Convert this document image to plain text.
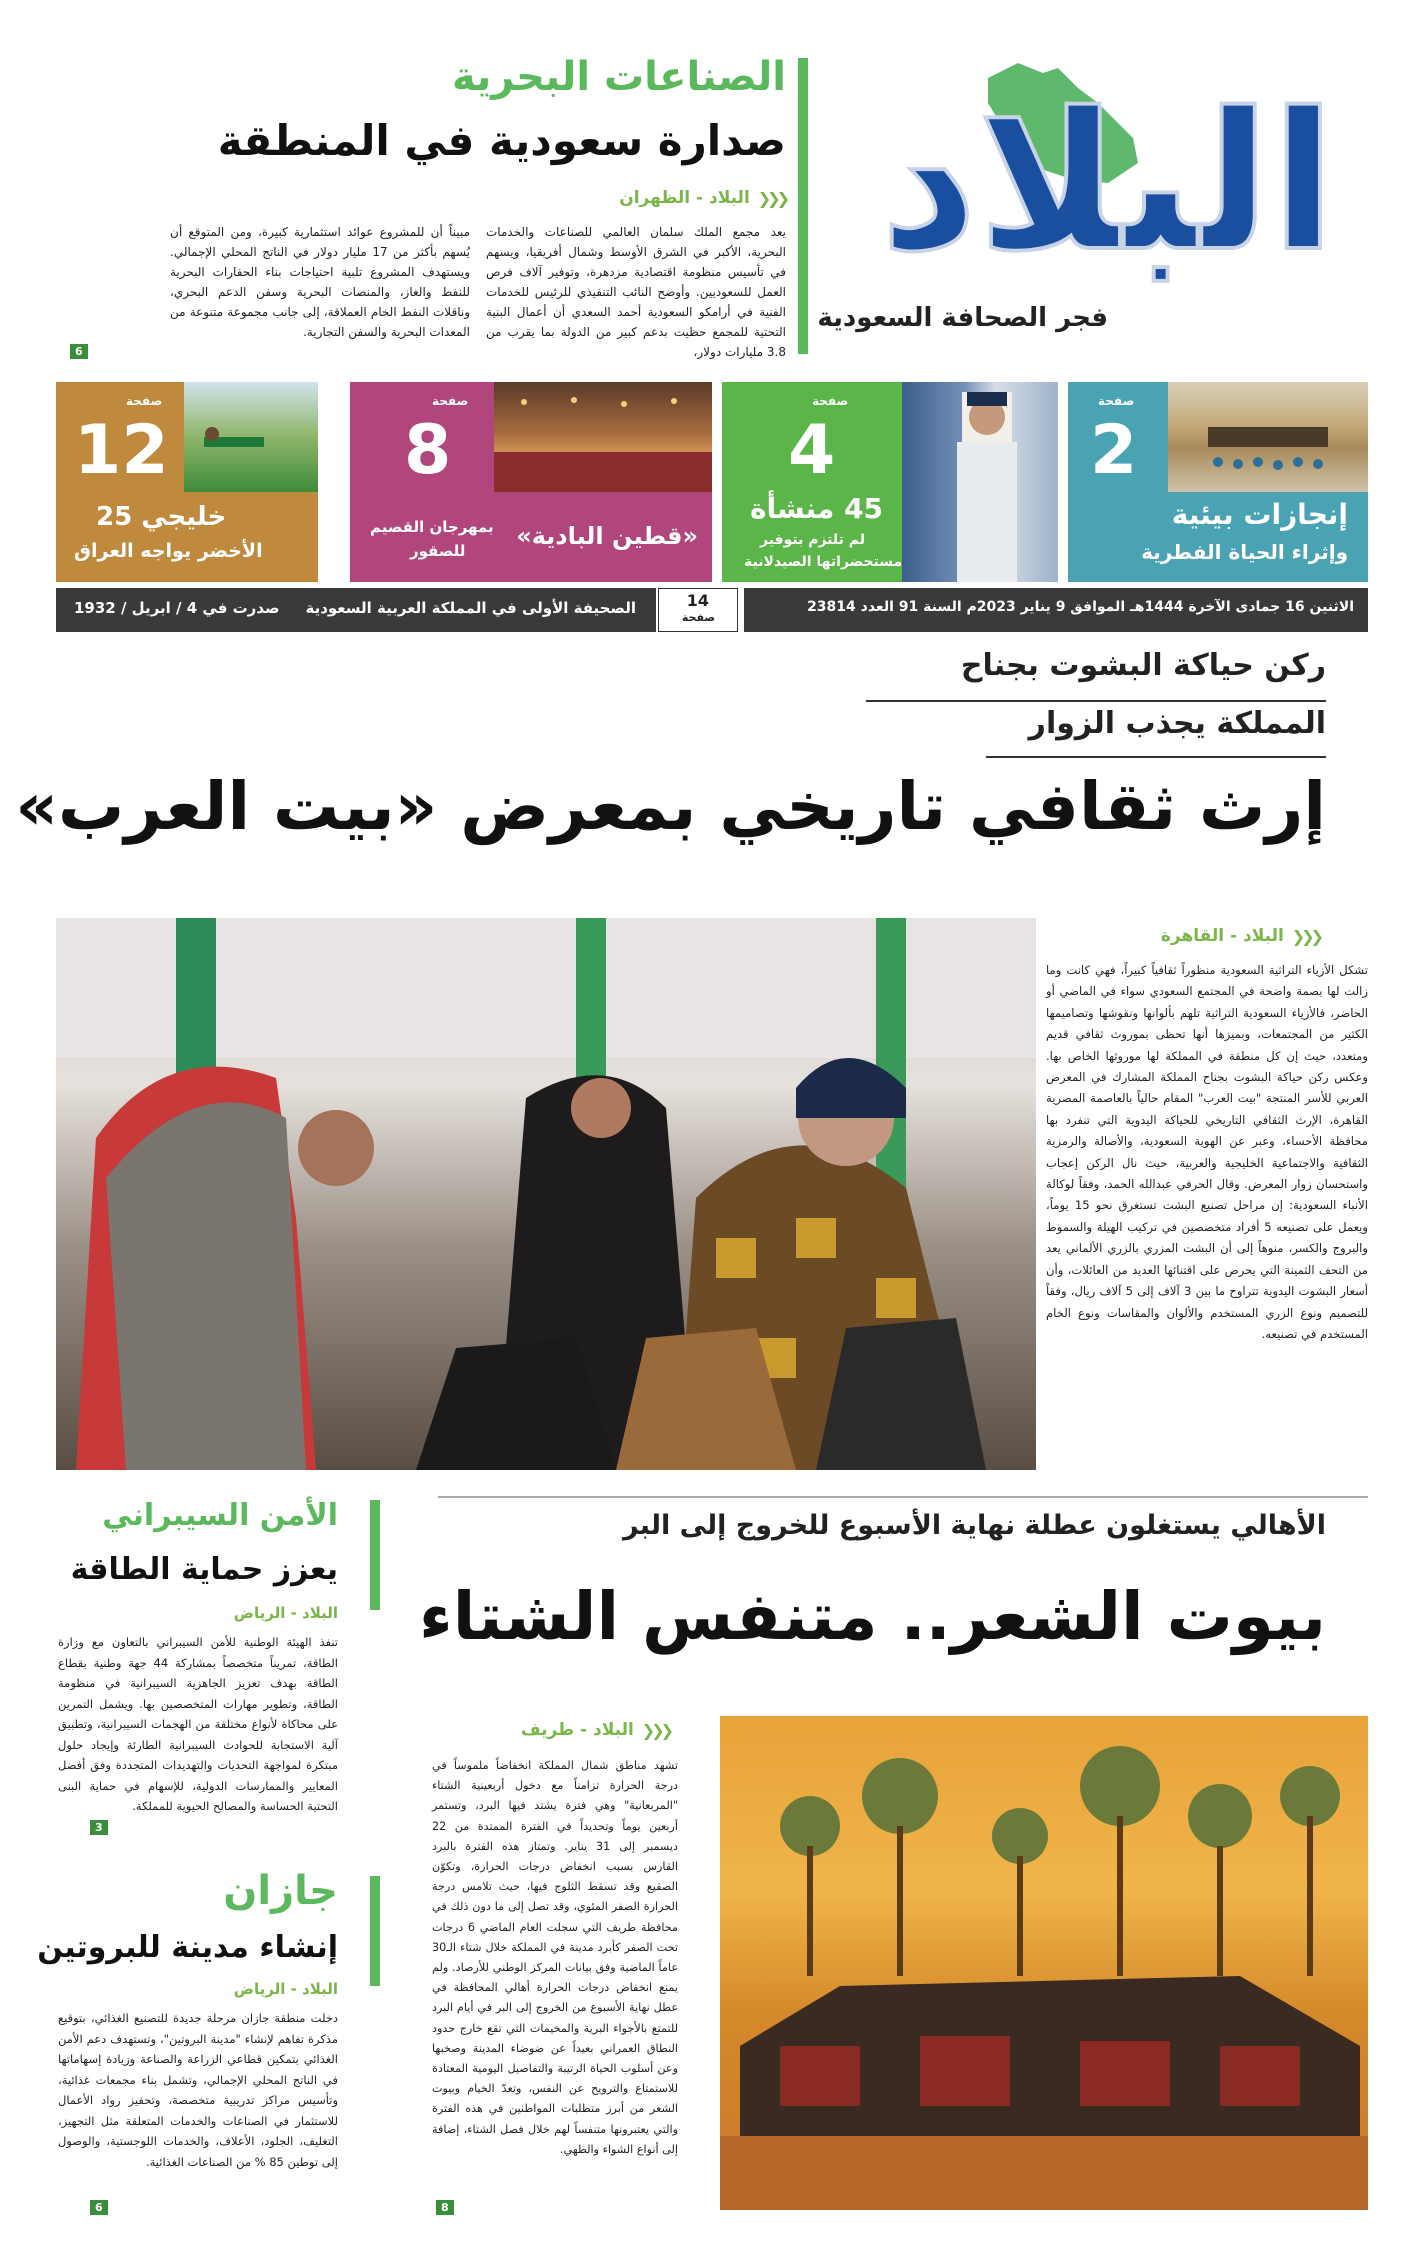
البلاد
فجر الصحافة السعودية
الصناعات البحرية
صدارة سعودية في المنطقة
❮❮❮
البلاد - الظهران
يعد مجمع الملك سلمان العالمي للصناعات والخدمات البحرية، الأكبر في الشرق الأوسط وشمال أفريقيا، ويسهم في تأسيس منظومة اقتصادية مزدهرة، وتوفير آلاف فرص العمل للسعوديين. وأوضح النائب التنفيذي للرئيس للخدمات الفنية في أرامكو السعودية أحمد السعدي أن أعمال البنية التحتية للمجمع حظيت بدعم كبير من الدولة بما يقرب من 3.8 مليارات دولار،
مبيناً أن للمشروع عوائد استثمارية كبيرة، ومن المتوقع أن يُسهم بأكثر من 17 مليار دولار في الناتج المحلي الإجمالي. ويستهدف المشروع تلبية احتياجات بناء الحفارات البحرية للنفط والغاز، والمنصات البحرية وسفن الدعم البحري، وناقلات النفط الخام العملاقة، إلى جانب مجموعة متنوعة من المعدات البحرية والسفن التجارية.
6
صفحة
2
إنجازات بيئية
وإثراء الحياة الفطرية
صفحة
4
45 منشأة
لم تلتزم بتوفير
مستحضراتها الصيدلانية
صفحة
8
«قطين البادية»
بمهرجان القصيم
للصقور
صفحة
12
خليجي 25
الأخضر يواجه العراق
الاثنين 16 جمادى الآخرة 1444هـ الموافق 9 يناير 2023م السنة 91 العدد 23814
14
صفحة
الصحيفة الأولى في المملكة العربية السعودية
صدرت في 4 / ابريل / 1932
ركن حياكة البشوت بجناح
المملكة يجذب الزوار
إرث ثقافي تاريخي بمعرض «بيت العرب»
❮❮❮
البلاد - القاهرة
تشكل الأزياء التراثية السعودية منظوراً ثقافياً كبيراً، فهي كانت وما زالت لها بصمة واضحة في المجتمع السعودي سواء في الماضي أو الحاضر، فالأزياء السعودية التراثية تلهم بألوانها ونقوشها وتصاميمها الكثير من المجتمعات، وبميزها أنها تحظى بموروث ثقافي قديم ومتعدد، حيث إن كل منطقة في المملكة لها موروثها الخاص بها. وعكس ركن حياكة البشوت بجناح المملكة المشارك في المعرض العربي للأسر المنتجة "بيت العرب" المقام حالياً بالعاصمة المصرية القاهرة، الإرث الثقافي التاريخي للحياكة اليدوية التي تنفرد بها محافظة الأحساء، وعبر عن الهوية السعودية، والأصالة والرمزية الثقافية والاجتماعية الخليجية والعربية، حيث نال الركن إعجاب واستحسان زوار المعرض. وقال الحرفي عبدالله الحمد، وفقاً لوكالة الأنباء السعودية: إن مراحل تصنيع البشت تستغرق نحو 15 يوماً، ويعمل على تصنيعه 5 أفراد متخصصين في تركيب الهيلة والسموط والبروج والكسر، منوهاً إلى أن البشت المزري بالزري الألماني يعد من التحف الثمينة التي يحرص على اقتنائها العديد من العائلات، وأن أسعار البشوت اليدوية تتراوح ما بين 3 آلاف إلى 5 آلاف ريال، وفقاً للتصميم ونوع الزري المستخدم والألوان والمقاسات ونوع الخام المستخدم في تصنيعه.
الأمن السيبراني
يعزز حماية الطاقة
البلاد - الرياض
تنفذ الهيئة الوطنية للأمن السيبراني بالتعاون مع وزارة الطاقة، تمريناً متخصصاً بمشاركة 44 جهة وطنية بقطاع الطاقة بهدف تعزيز الجاهزية السيبرانية في منظومة الطاقة، وتطوير مهارات المتخصصين بها. ويشمل التمرين على محاكاة لأنواع مختلفة من الهجمات السيبرانية، وتطبيق آلية الاستجابة للحوادث السيبرانية الطارئة وإيجاد حلول مبتكرة لمواجهة التحديات والتهديدات المتجددة وفق أفضل المعايير والممارسات الدولية، للإسهام في حماية البنى التحتية الحساسة والمصالح الحيوية للمملكة.
3
جازان
إنشاء مدينة للبروتين
البلاد - الرياض
دخلت منطقة جازان مرحلة جديدة للتصنيع الغذائي، بتوقيع مذكرة تفاهم لإنشاء "مدينة البروتين"، وتستهدف دعم الأمن الغذائي بتمكين قطاعي الزراعة والصناعة وزيادة إسهاماتها في الناتج المحلي الإجمالي، وتشمل بناء مجمعات غذائية، وتأسيس مراكز تدريبية متخصصة، وتحفيز رواد الأعمال للاستثمار في الصناعات والخدمات المتعلقة مثل التجهيز، التغليف، الجلود، الأعلاف، والخدمات اللوجستية، والوصول إلى توطين 85 % من الصناعات الغذائية.
6
الأهالي يستغلون عطلة نهاية الأسبوع للخروج إلى البر
بيوت الشعر.. متنفس الشتاء
❮❮❮
البلاد - طريف
تشهد مناطق شمال المملكة انخفاضاً ملموساً في درجة الحرارة تزامناً مع دخول أربعينية الشتاء "المربعانية" وهي فترة يشتد فيها البرد، وتستمر أربعين يوماً وتحديداً في الفترة الممتدة من 22 ديسمبر إلى 31 يناير. وتمتاز هذه الفترة بالبرد القارس بسبب انخفاض درجات الحرارة، وتكوّن الصقيع وقد تسقط الثلوج فيها، حيث تلامس درجة الحرارة الصفر المئوي، وقد تصل إلى ما دون ذلك في محافظة طريف التي سجلت العام الماضي 6 درجات تحت الصفر كأبرد مدينة في المملكة خلال شتاء الـ30 عاماً الماضية وفق بيانات المركز الوطني للأرصاد. ولم يمنع انخفاض درجات الحرارة أهالي المحافظة في عطل نهاية الأسبوع من الخروج إلى البر في أيام البرد للتمتع بالأجواء البرية والمخيمات التي تقع خارج حدود النطاق العمراني بعيداً عن ضوضاء المدينة وصخبها وعن أسلوب الحياة الرتيبة والتفاصيل اليومية المعتادة للاستمتاع والترويح عن النفس، وتعدّ الخيام وبيوت الشعر من أبرز متطلبات المواطنين في هذه الفترة والتي يعتبرونها متنفساً لهم خلال فصل الشتاء، إضافة إلى أنواع الشواء والطهي.
8
